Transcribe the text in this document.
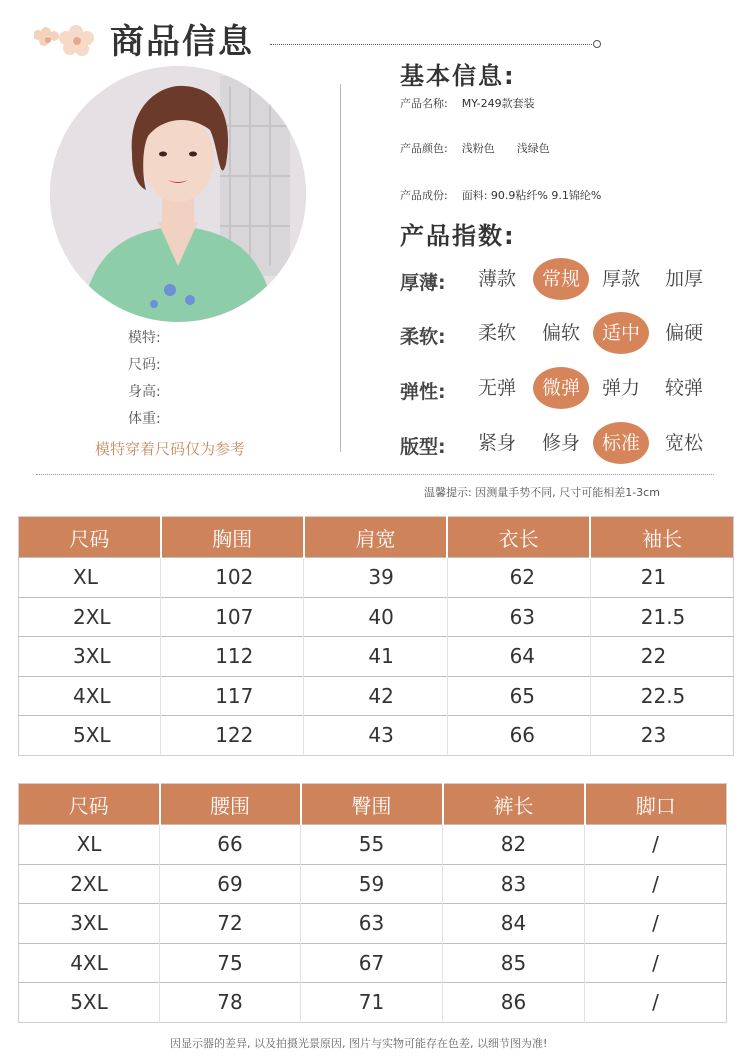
商品信息
模特:
尺码:
身高:
体重:
模特穿着尺码仅为参考
基本信息:
产品名称: MY-249款套装
产品颜色: 浅粉色 浅绿色
产品成份: 面料: 90.9粘纤% 9.1锦纶%
产品指数:
厚薄:	薄款	常规	厚款	加厚
柔软:	柔软	偏软	适中	偏硬
弹性:	无弹	微弹	弹力	较弹
版型:	紧身	修身	标准	宽松
温馨提示: 因测量手势不同, 尺寸可能相差1-3cm
尺码	胸围	肩宽	衣长	袖长
XL	102	39	62	21
2XL	107	40	63	21.5
3XL	112	41	64	22
4XL	117	42	65	22.5
5XL	122	43	66	23
尺码	腰围	臀围	裤长	脚口
XL	66	55	82	/
2XL	69	59	83	/
3XL	72	63	84	/
4XL	75	67	85	/
5XL	78	71	86	/
因显示器的差异, 以及拍摄光景原因, 图片与实物可能存在色差, 以细节图为准!
